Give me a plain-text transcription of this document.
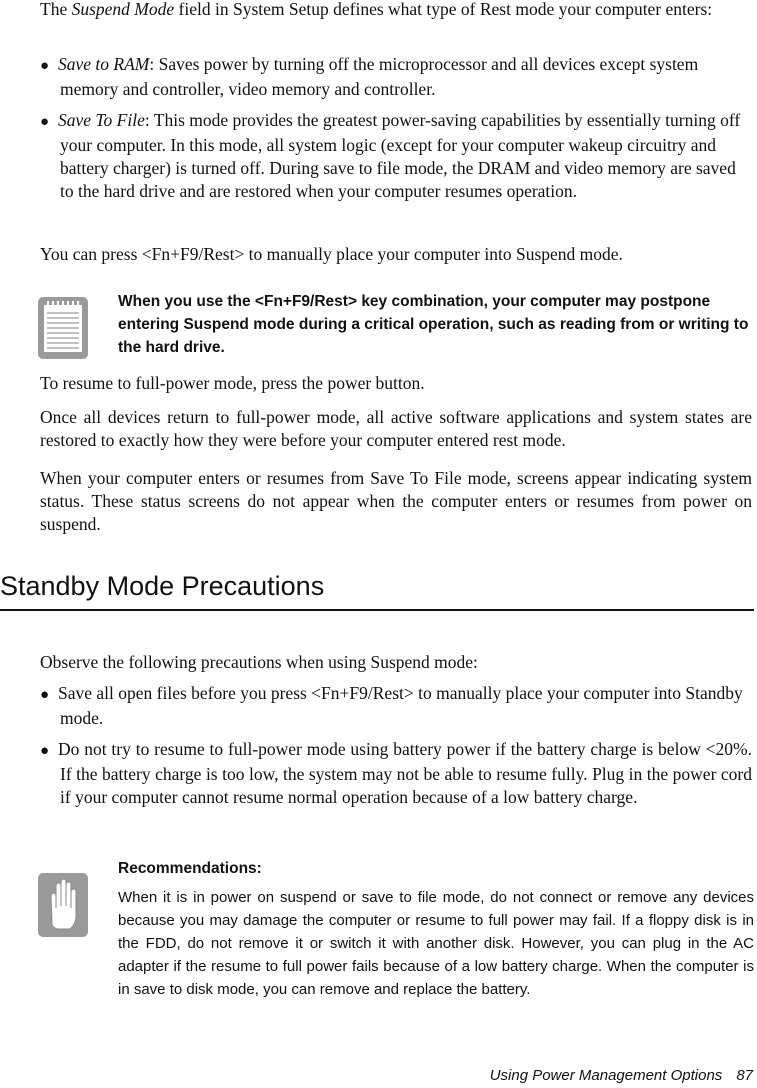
The Suspend Mode field in System Setup defines what type of Rest mode your computer enters:

● Save to RAM: Saves power by turning off the microprocessor and all devices except system memory and controller, video memory and controller.
● Save To File: This mode provides the greatest power-saving capabilities by essentially turning off your computer. In this mode, all system logic (except for your computer wakeup circuitry and battery charger) is turned off. During save to file mode, the DRAM and video memory are saved to the hard drive and are restored when your computer resumes operation.

You can press <Fn+F9/Rest> to manually place your computer into Suspend mode.

When you use the <Fn+F9/Rest> key combination, your computer may postpone entering Suspend mode during a critical operation, such as reading from or writing to the hard drive.

To resume to full-power mode, press the power button.

Once all devices return to full-power mode, all active software applications and system states are restored to exactly how they were before your computer entered rest mode.

When your computer enters or resumes from Save To File mode, screens appear indicating system status. These status screens do not appear when the computer enters or resumes from power on suspend.

Standby Mode Precautions

Observe the following precautions when using Suspend mode:

● Save all open files before you press <Fn+F9/Rest> to manually place your computer into Standby mode.
● Do not try to resume to full-power mode using battery power if the battery charge is below <20%. If the battery charge is too low, the system may not be able to resume fully. Plug in the power cord if your computer cannot resume normal operation because of a low battery charge.
Recommendations:
When it is in power on suspend or save to file mode, do not connect or remove any devices because you may damage the computer or resume to full power may fail. If a floppy disk is in the FDD, do not remove it or switch it with another disk. However, you can plug in the AC adapter if the resume to full power fails because of a low battery charge. When the computer is in save to disk mode, you can remove and replace the battery.
Using Power Management Options 87
